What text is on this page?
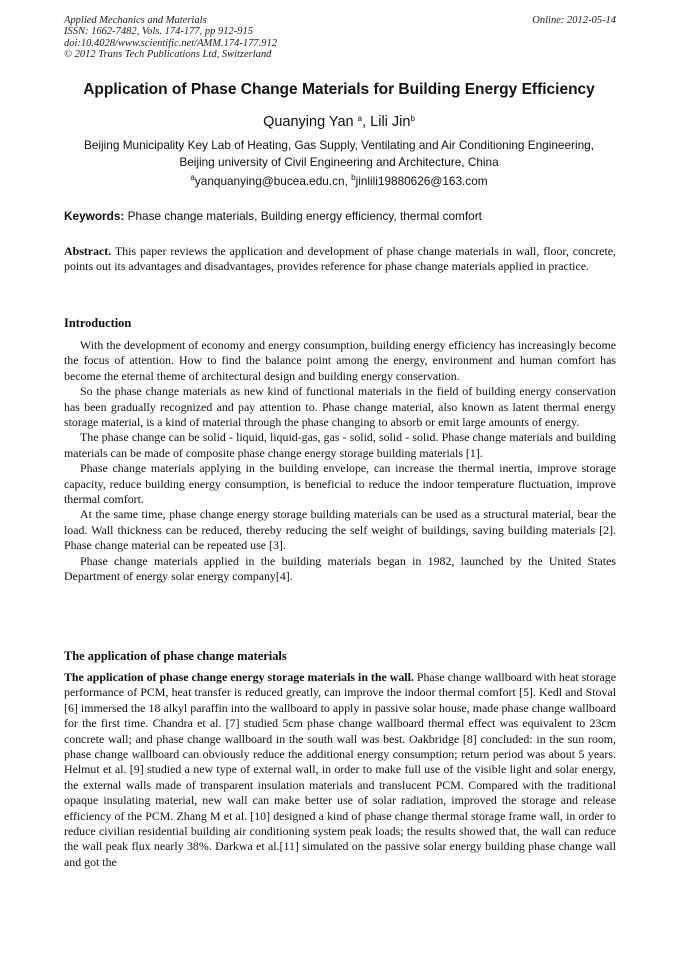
Applied Mechanics and Materials
ISSN: 1662-7482, Vols. 174-177, pp 912-915
doi:10.4028/www.scientific.net/AMM.174-177.912
© 2012 Trans Tech Publications Ltd, Switzerland
Online: 2012-05-14
Application of Phase Change Materials for Building Energy Efficiency
Quanying Yan $^a$, Lili Jin$^b$
Beijing Municipality Key Lab of Heating, Gas Supply, Ventilating and Air Conditioning Engineering,
Beijing university of Civil Engineering and Architecture, China
$^a$yanquanying@bucea.edu.cn, $^b$jinlili19880626@163.com
Keywords: Phase change materials, Building energy efficiency, thermal comfort
Abstract. This paper reviews the application and development of phase change materials in wall, floor, concrete, points out its advantages and disadvantages, provides reference for phase change materials applied in practice.
Introduction

With the development of economy and energy consumption, building energy efficiency has increasingly become the focus of attention. How to find the balance point among the energy, environment and human comfort has become the eternal theme of architectural design and building energy conservation.

So the phase change materials as new kind of functional materials in the field of building energy conservation has been gradually recognized and pay attention to. Phase change material, also known as latent thermal energy storage material, is a kind of material through the phase changing to absorb or emit large amounts of energy.

The phase change can be solid - liquid, liquid-gas, gas - solid, solid - solid. Phase change materials and building materials can be made of composite phase change energy storage building materials [1].

Phase change materials applying in the building envelope, can increase the thermal inertia, improve storage capacity, reduce building energy consumption, is beneficial to reduce the indoor temperature fluctuation, improve thermal comfort.

At the same time, phase change energy storage building materials can be used as a structural material, bear the load. Wall thickness can be reduced, thereby reducing the self weight of buildings, saving building materials [2]. Phase change material can be repeated use [3].

Phase change materials applied in the building materials began in 1982, launched by the United States Department of energy solar energy company[4].

The application of phase change materials

The application of phase change energy storage materials in the wall. Phase change wallboard with heat storage performance of PCM, heat transfer is reduced greatly, can improve the indoor thermal comfort [5]. Kedl and Stoval [6] immersed the 18 alkyl paraffin into the wallboard to apply in passive solar house, made phase change wallboard for the first time. Chandra et al. [7] studied 5cm phase change wallboard thermal effect was equivalent to 23cm concrete wall; and phase change wallboard in the south wall was best. Oakbridge [8] concluded: in the sun room, phase change wallboard can obviously reduce the additional energy consumption; return period was about 5 years. Helmut et al. [9] studied a new type of external wall, in order to make full use of the visible light and solar energy, the external walls made of transparent insulation materials and translucent PCM. Compared with the traditional opaque insulating material, new wall can make better use of solar radiation, improved the storage and release efficiency of the PCM. Zhang M et al. [10] designed a kind of phase change thermal storage frame wall, in order to reduce civilian residential building air conditioning system peak loads; the results showed that, the wall can reduce the wall peak flux nearly 38%. Darkwa et al.[11] simulated on the passive solar energy building phase change wall and got the
